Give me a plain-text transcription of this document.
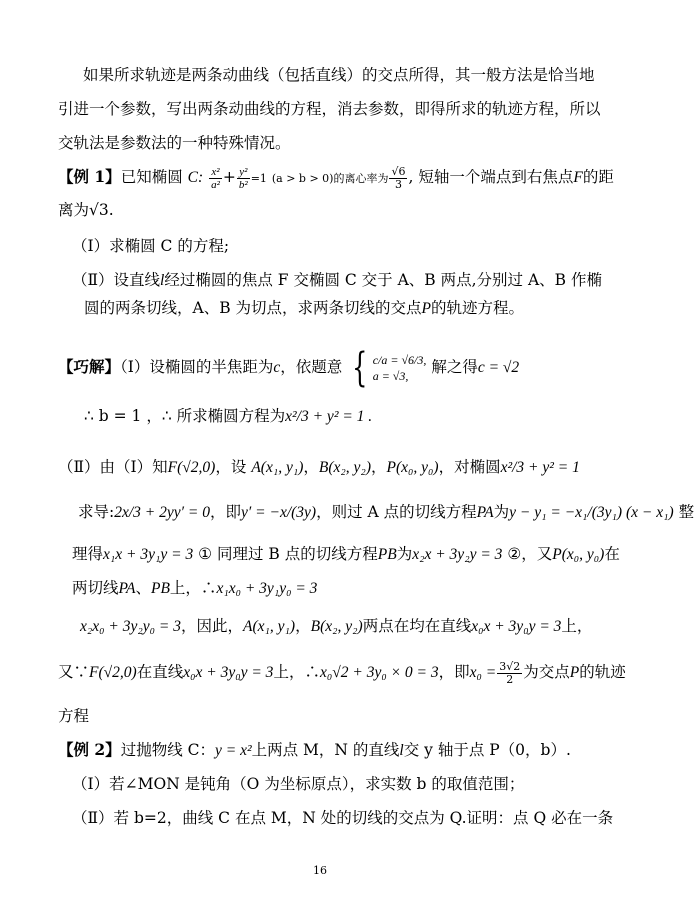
如果所求轨迹是两条动曲线（包括直线）的交点所得，其一般方法是恰当地
引进一个参数，写出两条动曲线的方程，消去参数，即得所求的轨迹方程，所以
交轨法是参数法的一种特殊情况。
【例 1】已知椭圆 C: $\frac{\text{x²}}{\text{a²}} + \frac{\text{y²}}{\text{b²}} =1$ (a > b > 0)的离心率为 $\frac{√6}{3}$ , 短轴一个端点到右焦点F的距
离为√3.
（Ⅰ）求椭圆 C 的方程;
（Ⅱ）设直线l经过椭圆的焦点 F 交椭圆 C 交于 A、B 两点,分别过 A、B 作椭
圆的两条切线，A、B 为切点，求两条切线的交点P的轨迹方程。
【巧解】（Ⅰ）设椭圆的半焦距为c，依题意 { c/a = √6/3,
a = √3,	解之得c = √2
∴ b = 1 ，∴ 所求椭圆方程为x²/3 + y² = 1 .
（Ⅱ）由（Ⅰ）知F(√2,0)，设 A(x₁, y₁)，B(x₂, y₂)，P(x₀, y₀)，对椭圆x²/3 + y² = 1
求导:2x/3 + 2yy′ = 0，即y′ = −x/(3y)，则过 A 点的切线方程PA为y − y₁ = −x₁/(3y₁) (x − x₁) 整
理得x₁x + 3y₁y = 3 ① 同理过 B 点的切线方程PB为x₂x + 3y₂y = 3 ②，又P(x₀, y₀)在
两切线PA、PB上，∴x₁x₀ + 3y₁y₀ = 3
x₂x₀ + 3y₂y₀ = 3，因此，A(x₁, y₁)，B(x₂, y₂)两点在均在直线x₀x + 3y₀y = 3上，
又∵F(√2,0)在直线x₀x + 3y₀y = 3上，∴x₀√2 + 3y₀ × 0 = 3，即$x_0 = \frac{3√2}{2}$ 为交点P的轨迹
方程
【例 2】过抛物线 C：y = x²上两点 M，N 的直线l交 y 轴于点 P（0，b）.
（Ⅰ）若∠MON 是钝角（O 为坐标原点），求实数 b 的取值范围；
（Ⅱ）若 b=2，曲线 C 在点 M，N 处的切线的交点为 Q.证明：点 Q 必在一条
16
